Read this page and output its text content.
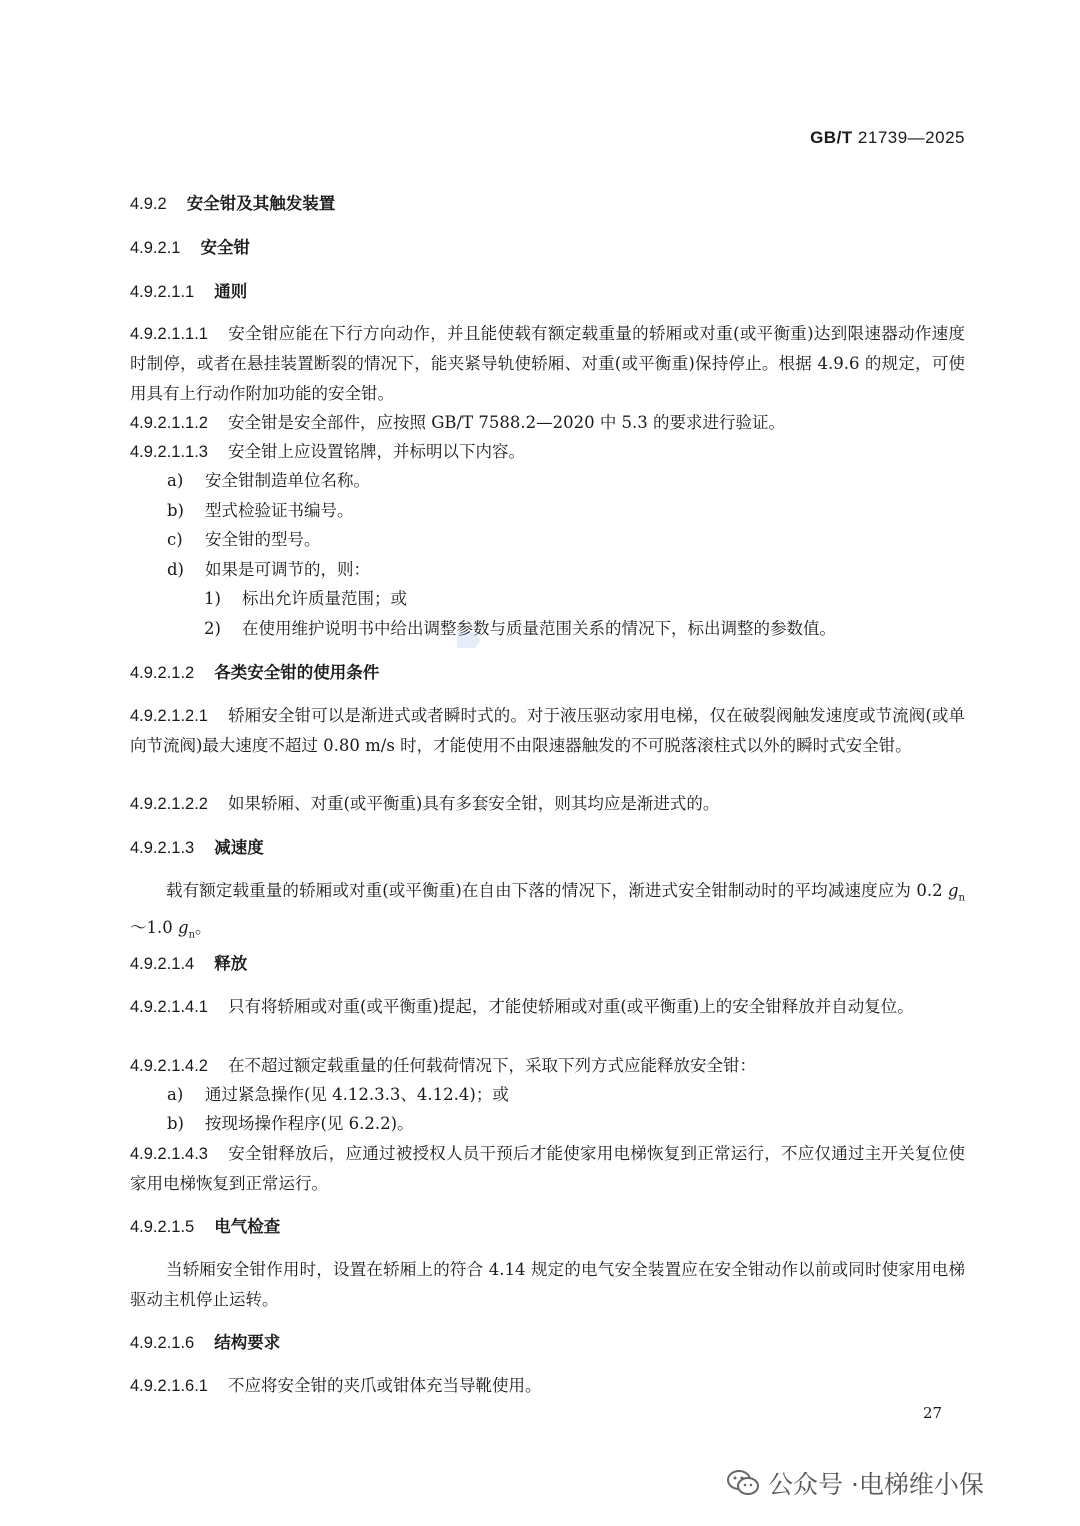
GB/T 21739—2025
4.9.2 安全钳及其触发装置
4.9.2.1 安全钳
4.9.2.1.1 通则
4.9.2.1.1.1 安全钳应能在下行方向动作，并且能使载有额定载重量的轿厢或对重(或平衡重)达到限速器动作速度时制停，或者在悬挂装置断裂的情况下，能夹紧导轨使轿厢、对重(或平衡重)保持停止。根据 4.9.6 的规定，可使用具有上行动作附加功能的安全钳。
4.9.2.1.1.2 安全钳是安全部件，应按照 GB/T 7588.2—2020 中 5.3 的要求进行验证。
4.9.2.1.1.3 安全钳上应设置铭牌，并标明以下内容。
a) 安全钳制造单位名称。
b) 型式检验证书编号。
c) 安全钳的型号。
d) 如果是可调节的，则：
1) 标出允许质量范围；或
2) 在使用维护说明书中给出调整参数与质量范围关系的情况下，标出调整的参数值。
4.9.2.1.2 各类安全钳的使用条件
4.9.2.1.2.1 轿厢安全钳可以是渐进式或者瞬时式的。对于液压驱动家用电梯，仅在破裂阀触发速度或节流阀(或单向节流阀)最大速度不超过 0.80 m/s 时，才能使用不由限速器触发的不可脱落滚柱式以外的瞬时式安全钳。
4.9.2.1.2.2 如果轿厢、对重(或平衡重)具有多套安全钳，则其均应是渐进式的。
4.9.2.1.3 减速度
载有额定载重量的轿厢或对重(或平衡重)在自由下落的情况下，渐进式安全钳制动时的平均减速度应为 0.2 $g_n\sim 1.0$ $g_n$。
4.9.2.1.4 释放
4.9.2.1.4.1 只有将轿厢或对重(或平衡重)提起，才能使轿厢或对重(或平衡重)上的安全钳释放并自动复位。
4.9.2.1.4.2 在不超过额定载重量的任何载荷情况下，采取下列方式应能释放安全钳：
a) 通过紧急操作(见 4.12.3.3、4.12.4)；或
b) 按现场操作程序(见 6.2.2)。
4.9.2.1.4.3 安全钳释放后，应通过被授权人员干预后才能使家用电梯恢复到正常运行，不应仅通过主开关复位使家用电梯恢复到正常运行。
4.9.2.1.5 电气检查
当轿厢安全钳作用时，设置在轿厢上的符合 4.14 规定的电气安全装置应在安全钳动作以前或同时使家用电梯驱动主机停止运转。
4.9.2.1.6 结构要求
4.9.2.1.6.1 不应将安全钳的夹爪或钳体充当导靴使用。
27
公众号 · 电梯维小保
